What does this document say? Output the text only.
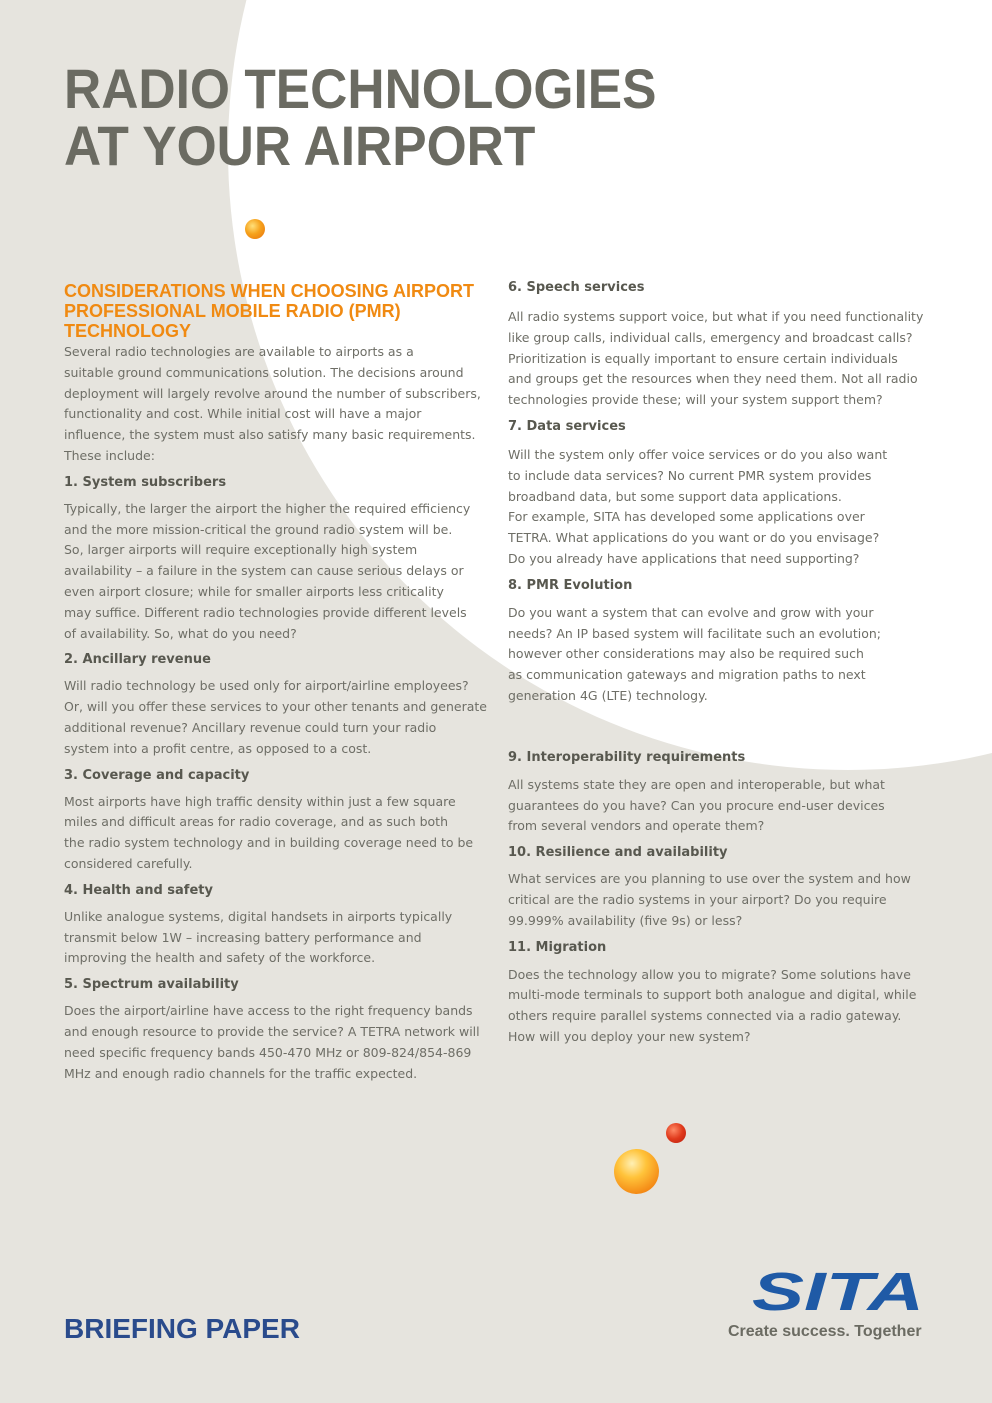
RADIO TECHNOLOGIES
AT YOUR AIRPORT
CONSIDERATIONS WHEN CHOOSING AIRPORT
PROFESSIONAL MOBILE RADIO (PMR)
TECHNOLOGY

Several radio technologies are available to airports as a
suitable ground communications solution. The decisions around
deployment will largely revolve around the number of subscribers,
functionality and cost. While initial cost will have a major
influence, the system must also satisfy many basic requirements.
These include:

1. System subscribers

Typically, the larger the airport the higher the required efficiency
and the more mission-critical the ground radio system will be.
So, larger airports will require exceptionally high system
availability – a failure in the system can cause serious delays or
even airport closure; while for smaller airports less criticality
may suffice. Different radio technologies provide different levels
of availability. So, what do you need?

2. Ancillary revenue

Will radio technology be used only for airport/airline employees?
Or, will you offer these services to your other tenants and generate
additional revenue? Ancillary revenue could turn your radio
system into a profit centre, as opposed to a cost.

3. Coverage and capacity

Most airports have high traffic density within just a few square
miles and difficult areas for radio coverage, and as such both
the radio system technology and in building coverage need to be
considered carefully.

4. Health and safety

Unlike analogue systems, digital handsets in airports typically
transmit below 1W – increasing battery performance and
improving the health and safety of the workforce.

5. Spectrum availability

Does the airport/airline have access to the right frequency bands
and enough resource to provide the service? A TETRA network will
need specific frequency bands 450-470 MHz or 809-824/854-869
MHz and enough radio channels for the traffic expected.

6. Speech services

All radio systems support voice, but what if you need functionality
like group calls, individual calls, emergency and broadcast calls?
Prioritization is equally important to ensure certain individuals
and groups get the resources when they need them. Not all radio
technologies provide these; will your system support them?

7. Data services

Will the system only offer voice services or do you also want
to include data services? No current PMR system provides
broadband data, but some support data applications.
For example, SITA has developed some applications over
TETRA. What applications do you want or do you envisage?
Do you already have applications that need supporting?

8. PMR Evolution

Do you want a system that can evolve and grow with your
needs? An IP based system will facilitate such an evolution;
however other considerations may also be required such
as communication gateways and migration paths to next
generation 4G (LTE) technology.

9. Interoperability requirements

All systems state they are open and interoperable, but what
guarantees do you have? Can you procure end-user devices
from several vendors and operate them?

10. Resilience and availability

What services are you planning to use over the system and how
critical are the radio systems in your airport? Do you require
99.999% availability (five 9s) or less?

11. Migration

Does the technology allow you to migrate? Some solutions have
multi-mode terminals to support both analogue and digital, while
others require parallel systems connected via a radio gateway.
How will you deploy your new system?

BRIEFING PAPER
SITA
Create success. Together
